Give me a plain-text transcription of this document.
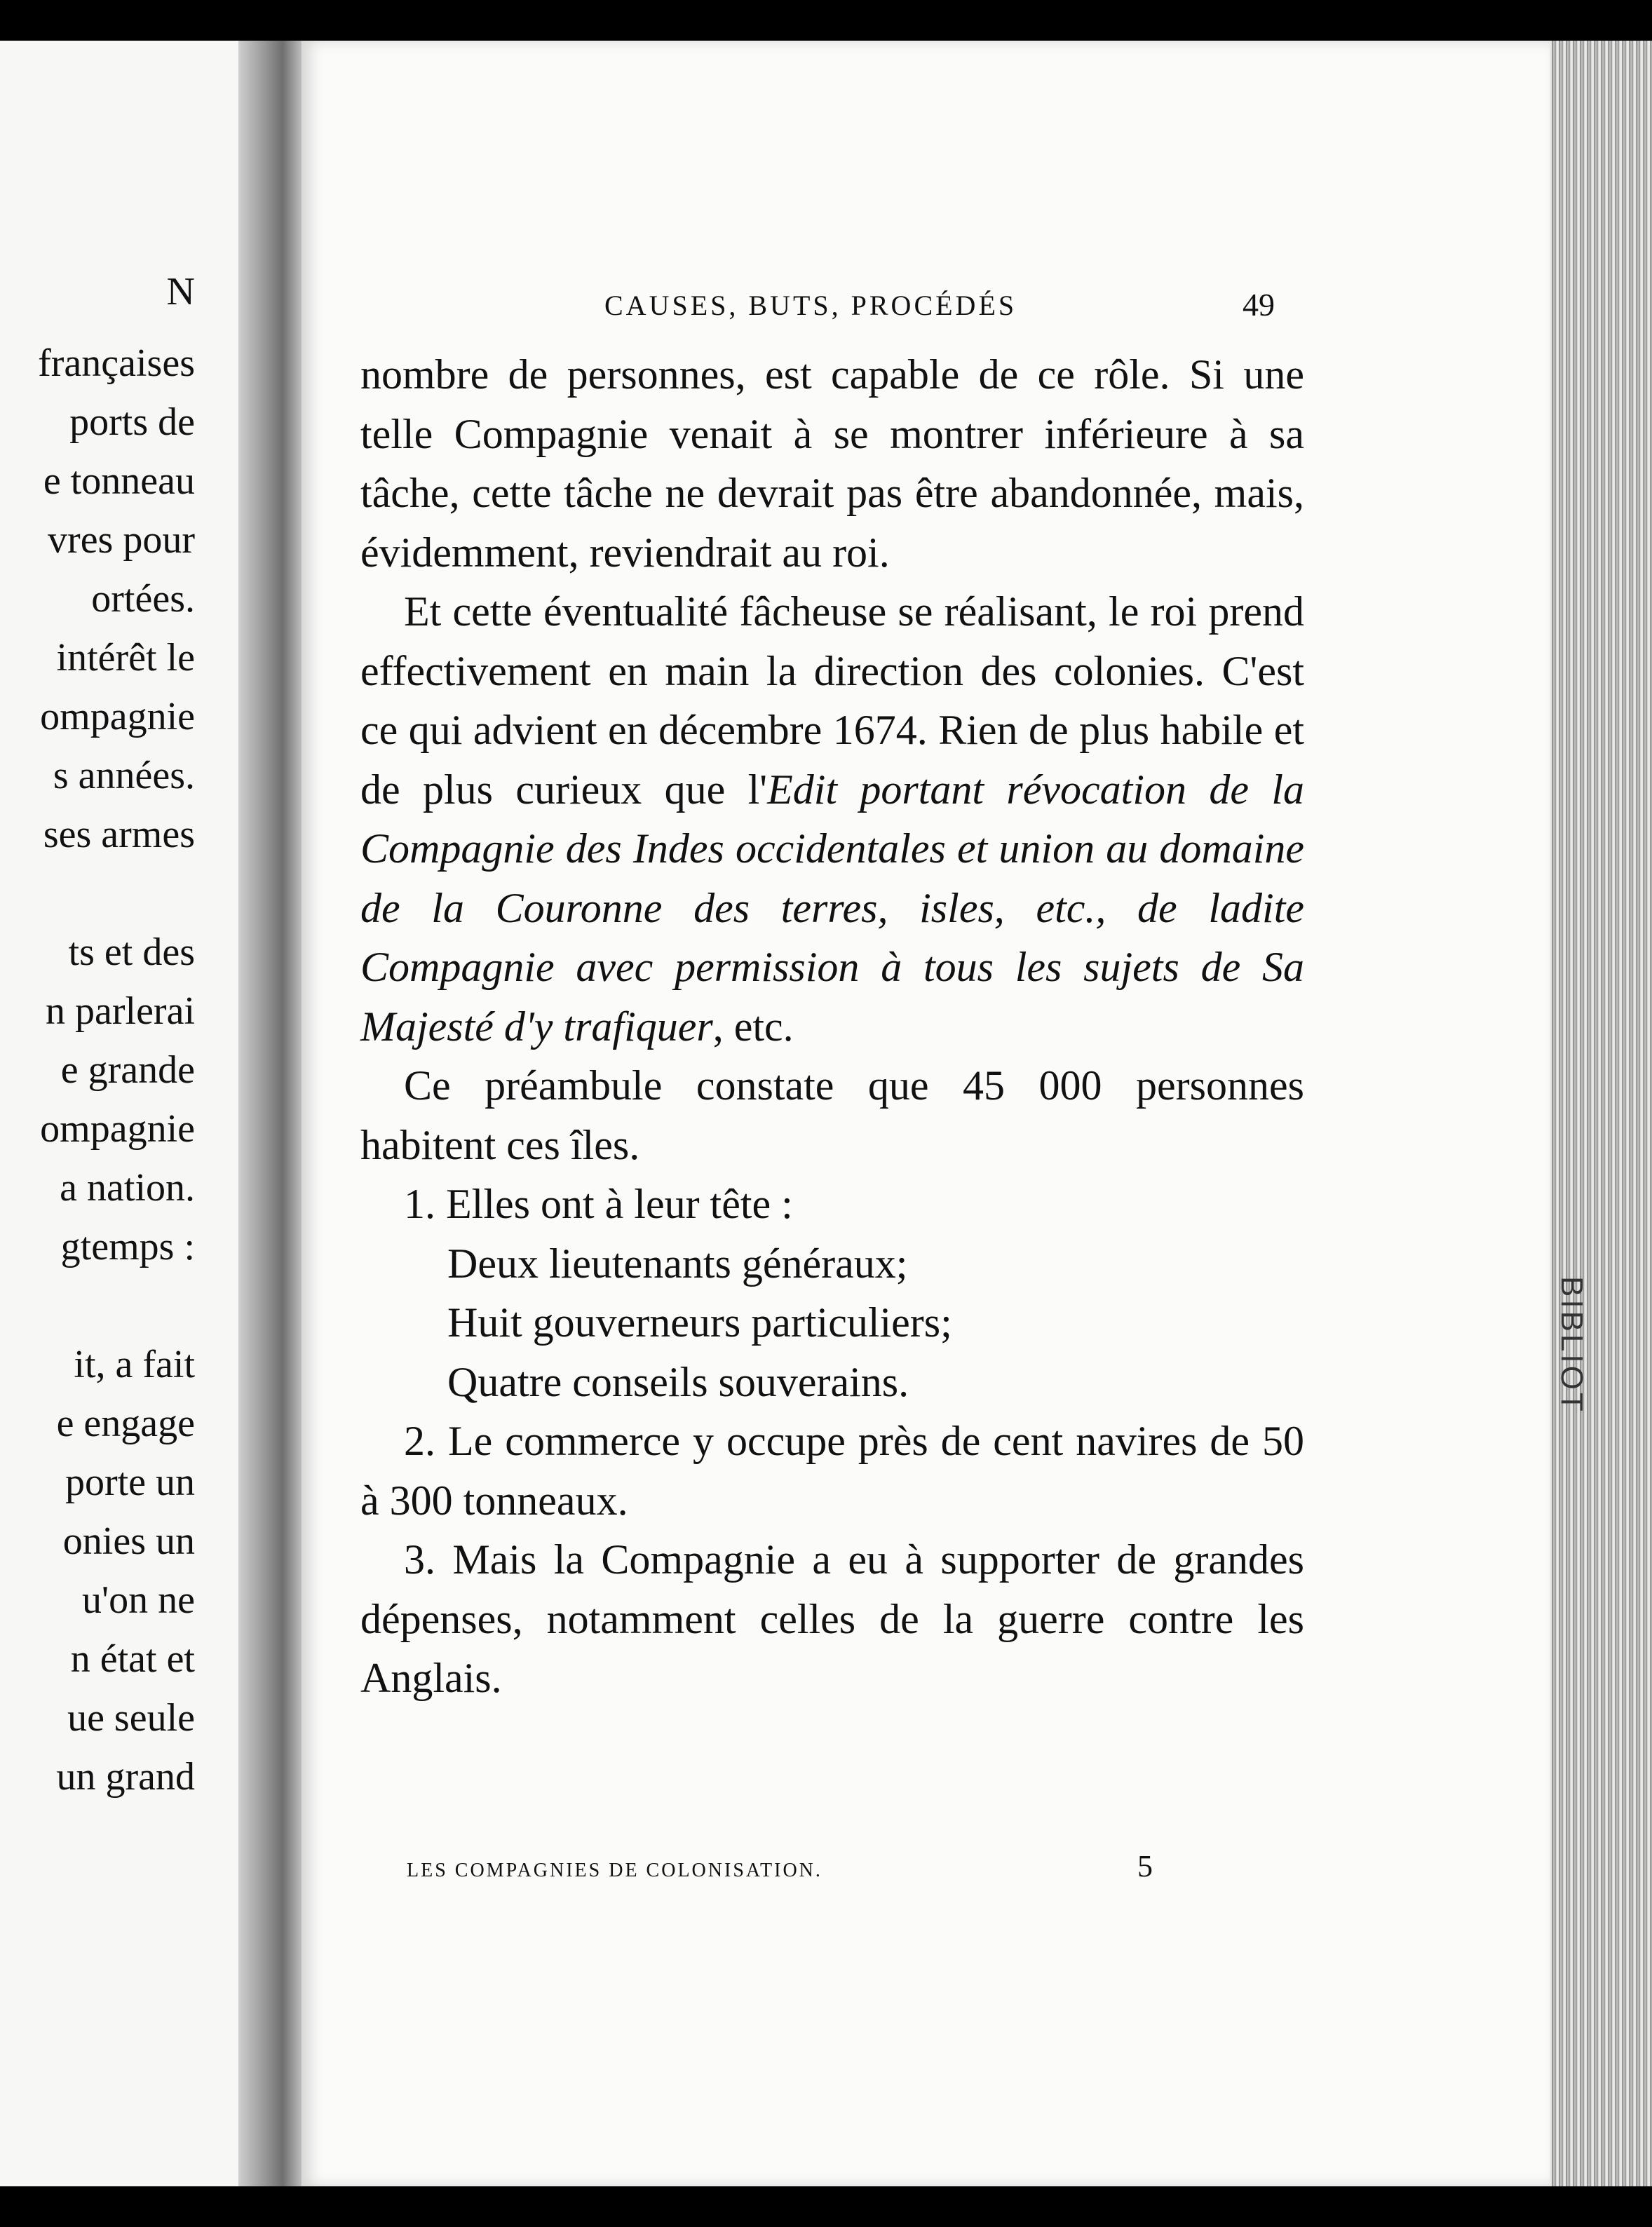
N
françaises
ports de
e tonneau
vres pour
ortées.
intérêt le
ompagnie
s années.
ses armes
ts et des
n parlerai
e grande
ompagnie
a nation.
gtemps :
it, a fait
e engage
porte un
onies un
u'on ne
n état et
ue seule
un grand
CAUSES, BUTS, PROCÉDÉS	49

nombre de personnes, est capable de ce rôle. Si une telle Compagnie venait à se montrer inférieure à sa tâche, cette tâche ne devrait pas être abandonnée, mais, évidemment, reviendrait au roi.

Et cette éventualité fâcheuse se réalisant, le roi prend effectivement en main la direction des colonies. C'est ce qui advient en décembre 1674. Rien de plus habile et de plus curieux que l'Edit portant révocation de la Compagnie des Indes occidentales et union au domaine de la Couronne des terres, isles, etc., de ladite Compagnie avec permission à tous les sujets de Sa Majesté d'y trafiquer, etc.

Ce préambule constate que 45 000 personnes habitent ces îles.

1. Elles ont à leur tête :

Deux lieutenants généraux;

Huit gouverneurs particuliers;

Quatre conseils souverains.

2. Le commerce y occupe près de cent navires de 50 à 300 tonneaux.

3. Mais la Compagnie a eu à supporter de grandes dépenses, notamment celles de la guerre contre les Anglais.

LES COMPAGNIES DE COLONISATION.	5
BIBLIOT
